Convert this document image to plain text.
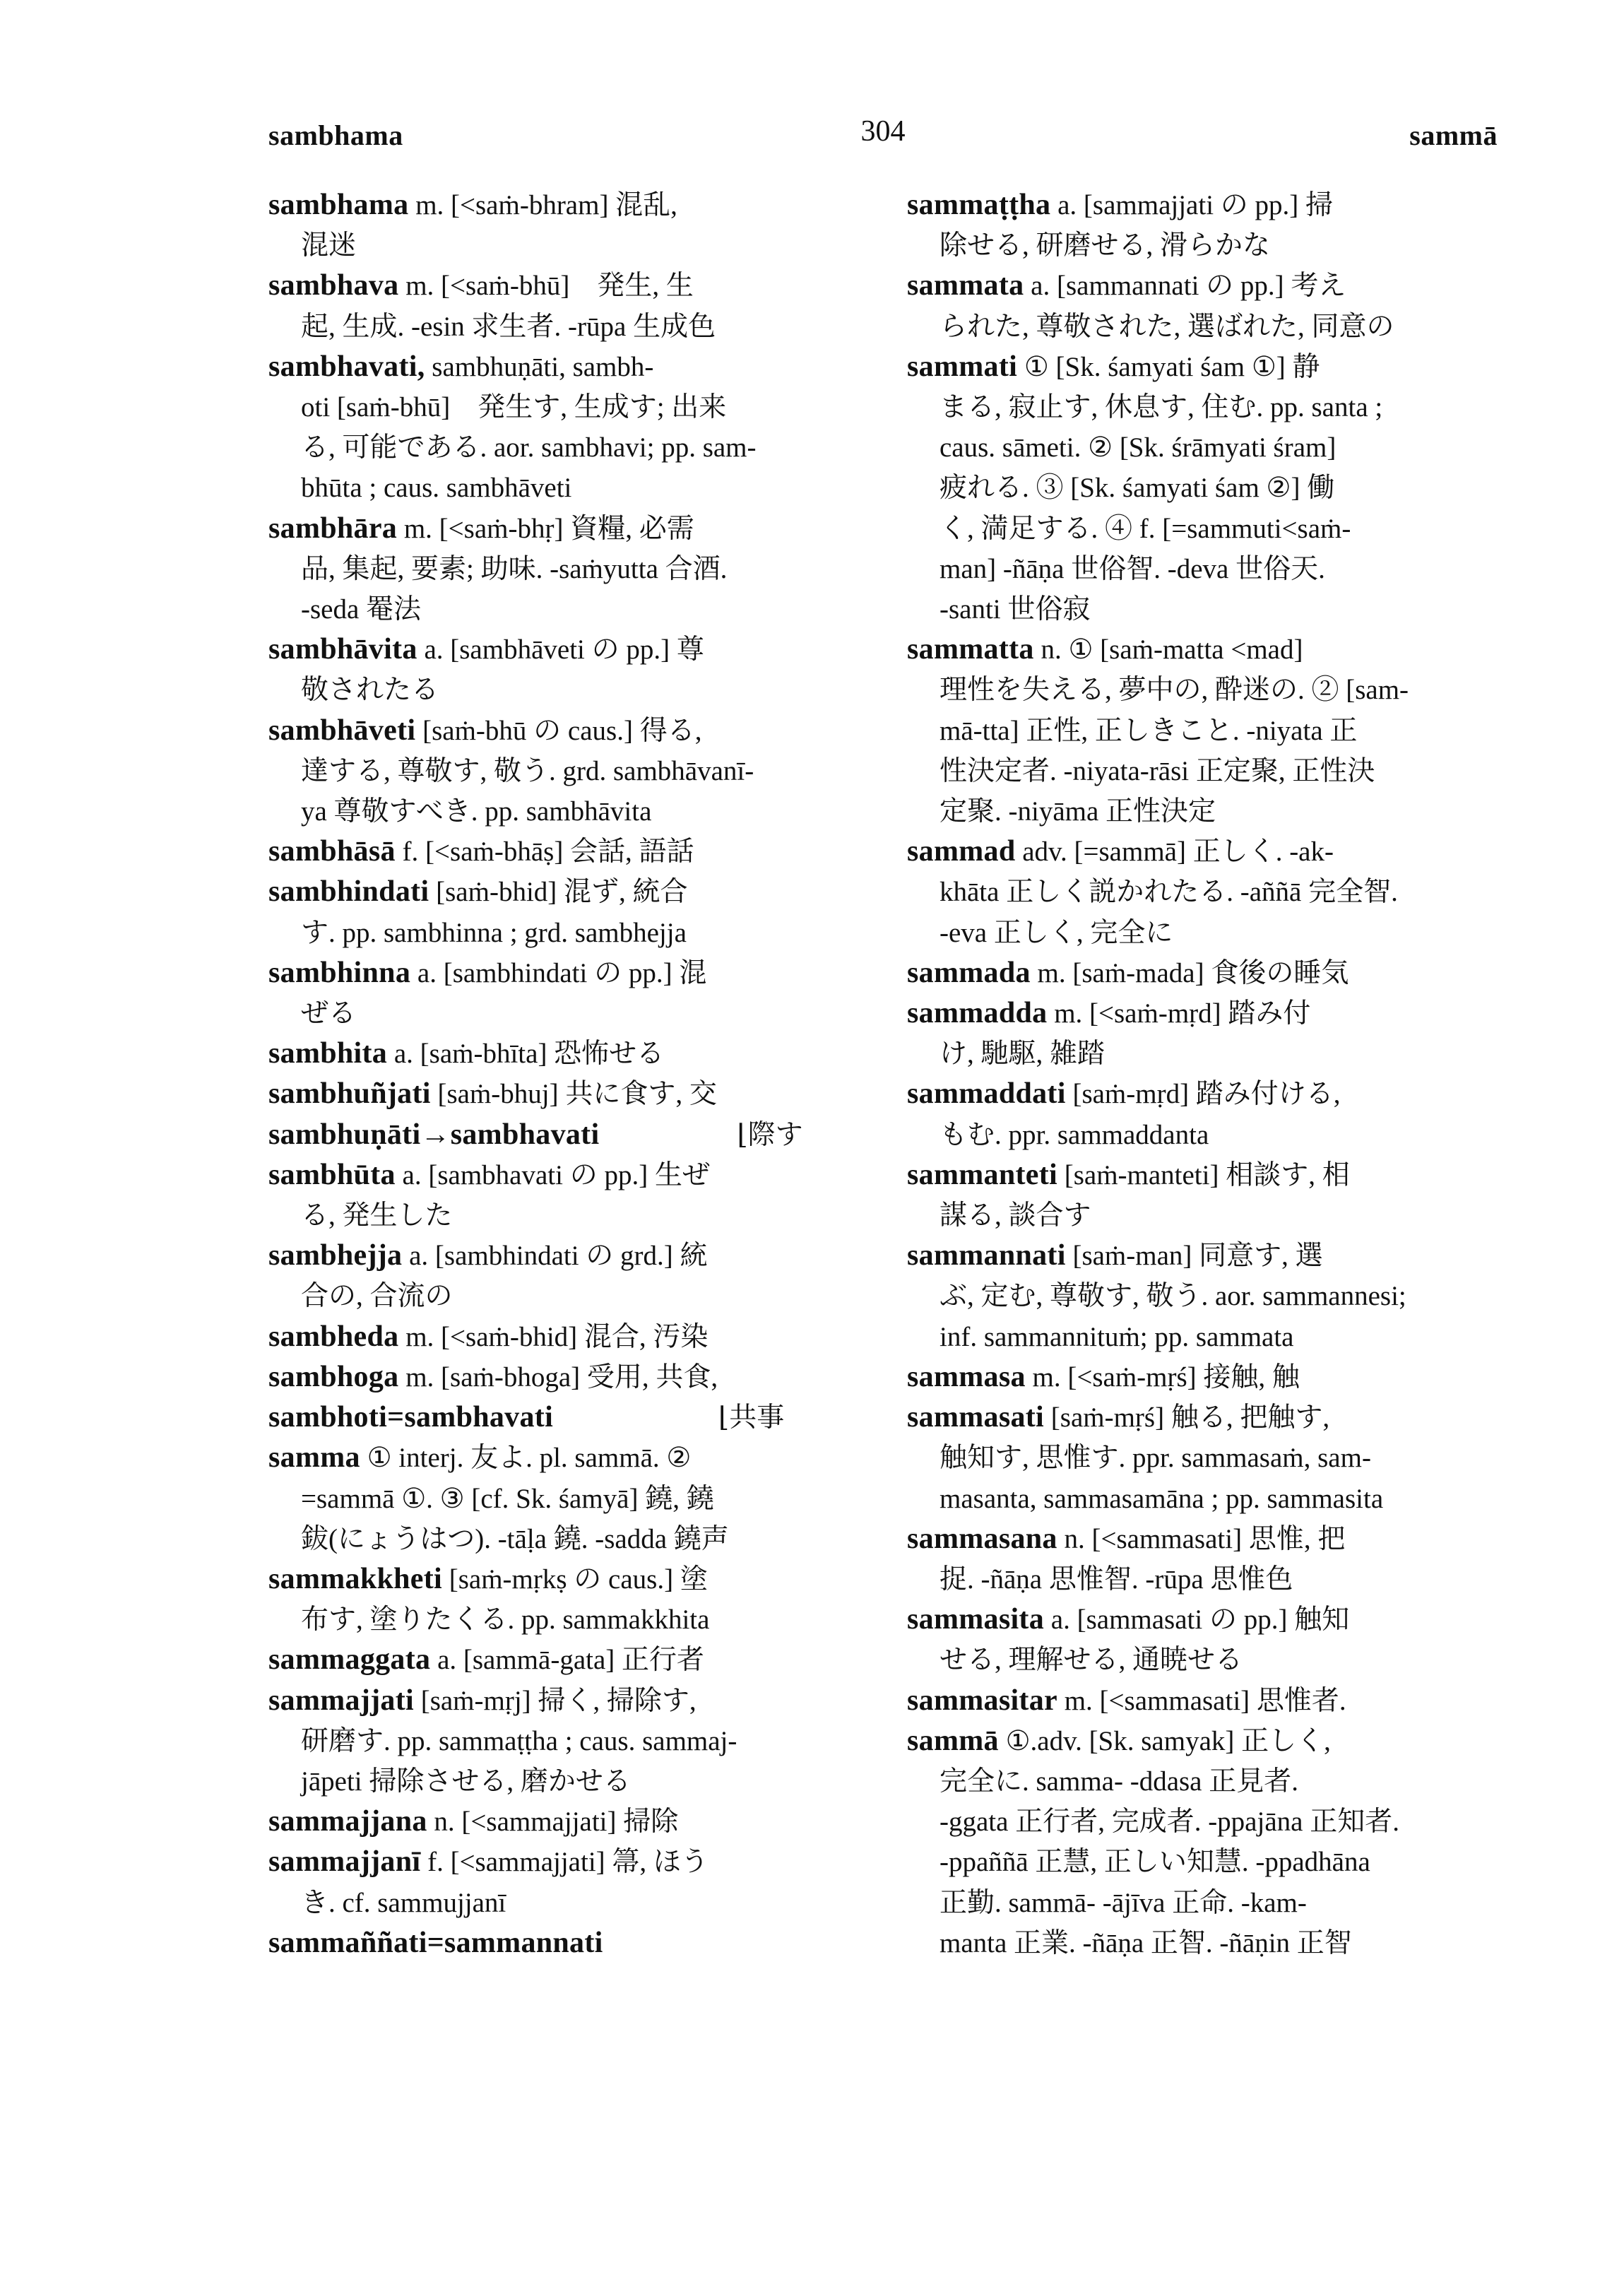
sambhama	304	sammā
sambhama m. [<saṁ-bhram] 混乱,
混迷
sambhava m. [<saṁ-bhū]　発生, 生
起, 生成. -esin 求生者. -rūpa 生成色
sambhavati, sambhuṇāti, sambh-
oti [saṁ-bhū]　発生す, 生成す; 出来
る, 可能である. aor. sambhavi; pp. sam-
bhūta ; caus. sambhāveti
sambhāra m. [<saṁ-bhṛ] 資糧, 必需
品, 集起, 要素; 助味. -saṁyutta 合酒.
-seda 罨法
sambhāvita a. [sambhāveti の pp.] 尊
敬されたる
sambhāveti [saṁ-bhū の caus.] 得る,
達する, 尊敬す, 敬う. grd. sambhāvanī-
ya 尊敬すべき. pp. sambhāvita
sambhāsā f. [<saṁ-bhāṣ] 会話, 語話
sambhindati [saṁ-bhid] 混ず, 統合
す. pp. sambhinna ; grd. sambhejja
sambhinna a. [sambhindati の pp.] 混
ぜる
sambhita a. [saṁ-bhīta] 恐怖せる
sambhuñjati [saṁ-bhuj] 共に食す, 交
sambhuṇāti→sambhavati　　　　　⌊際す
sambhūta a. [sambhavati の pp.] 生ぜ
る, 発生した
sambhejja a. [sambhindati の grd.] 統
合の, 合流の
sambheda m. [<saṁ-bhid] 混合, 汚染
sambhoga m. [saṁ-bhoga] 受用, 共食,
sambhoti=sambhavati　　　　　　⌊共事
samma ① interj. 友よ. pl. sammā. ②
=sammā ①. ③ [cf. Sk. śamyā] 鐃, 鐃
鈸(にょうはつ). -tāḷa 鐃. -sadda 鐃声
sammakkheti [saṁ-mṛkṣ の caus.] 塗
布す, 塗りたくる. pp. sammakkhita
sammaggata a. [sammā-gata] 正行者
sammajjati [saṁ-mṛj] 掃く, 掃除す,
研磨す. pp. sammaṭṭha ; caus. sammaj-
jāpeti 掃除させる, 磨かせる
sammajjana n. [<sammajjati] 掃除
sammajjanī f. [<sammajjati] 箒, ほう
き. cf. sammujjanī
sammaññati=sammannati
sammaṭṭha a. [sammajjati の pp.] 掃
除せる, 研磨せる, 滑らかな
sammata a. [sammannati の pp.] 考え
られた, 尊敬された, 選ばれた, 同意の
sammati ① [Sk. śamyati śam ①] 静
まる, 寂止す, 休息す, 住む. pp. santa ;
caus. sāmeti. ② [Sk. śrāmyati śram]
疲れる. ③ [Sk. śamyati śam ②] 働
く, 満足する. ④ f. [=sammuti<saṁ-
man] -ñāṇa 世俗智. -deva 世俗天.
-santi 世俗寂
sammatta n. ① [saṁ-matta <mad]
理性を失える, 夢中の, 酔迷の. ② [sam-
mā-tta] 正性, 正しきこと. -niyata 正
性決定者. -niyata-rāsi 正定聚, 正性決
定聚. -niyāma 正性決定
sammad adv. [=sammā] 正しく. -ak-
khāta 正しく説かれたる. -aññā 完全智.
-eva 正しく, 完全に
sammada m. [saṁ-mada] 食後の睡気
sammadda m. [<saṁ-mṛd] 踏み付
け, 馳駆, 雑踏
sammaddati [saṁ-mṛd] 踏み付ける,
もむ. ppr. sammaddanta
sammanteti [saṁ-manteti] 相談す, 相
謀る, 談合す
sammannati [saṁ-man] 同意す, 選
ぶ, 定む, 尊敬す, 敬う. aor. sammannesi;
inf. sammannituṁ; pp. sammata
sammasa m. [<saṁ-mṛś] 接触, 触
sammasati [saṁ-mṛś] 触る, 把触す,
触知す, 思惟す. ppr. sammasaṁ, sam-
masanta, sammasamāna ; pp. sammasita
sammasana n. [<sammasati] 思惟, 把
捉. -ñāṇa 思惟智. -rūpa 思惟色
sammasita a. [sammasati の pp.] 触知
せる, 理解せる, 通暁せる
sammasitar m. [<sammasati] 思惟者.
sammā ①.adv. [Sk. samyak] 正しく,
完全に. samma- -ddasa 正見者.
-ggata 正行者, 完成者. -ppajāna 正知者.
-ppaññā 正慧, 正しい知慧. -ppadhāna
正勤. sammā- -ājīva 正命. -kam-
manta 正業. -ñāṇa 正智. -ñāṇin 正智
